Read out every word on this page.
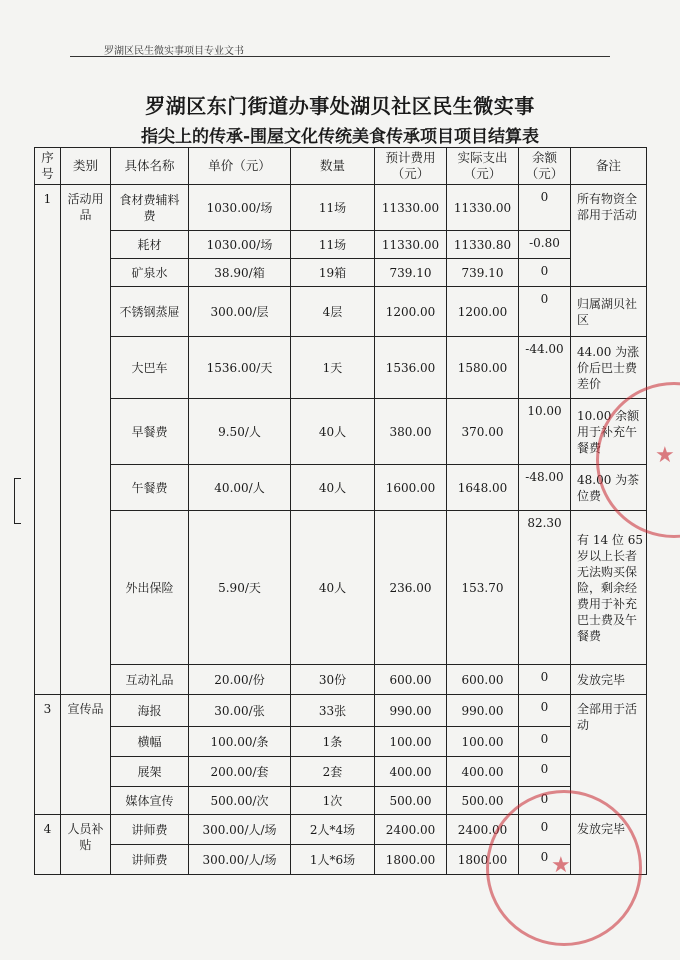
罗湖区民生微实事项目专业文书
罗湖区东门街道办事处湖贝社区民生微实事
指尖上的传承-围屋文化传统美食传承项目项目结算表
序号	类别	具体名称	单价（元）	数量	预计费用（元）	实际支出（元）	余额（元）	备注
1	活动用品	食材费辅料费	1030.00/场	11场	11330.00	11330.00	0	所有物资全部用于活动
		耗材	1030.00/场	11场	11330.00	11330.80	-0.80	
		矿泉水	38.90/箱	19箱	739.10	739.10	0	
		不锈钢蒸屉	300.00/层	4层	1200.00	1200.00	0	归属湖贝社区
		大巴车	1536.00/天	1天	1536.00	1580.00	-44.00	44.00 为涨价后巴士费差价
		早餐费	9.50/人	40人	380.00	370.00	10.00	10.00 余额用于补充午餐费
		午餐费	40.00/人	40人	1600.00	1648.00	-48.00	48.00 为茶位费
		外出保险	5.90/天	40人	236.00	153.70	82.30	有 14 位 65 岁以上长者无法购买保险，剩余经费用于补充巴士费及午餐费
		互动礼品	20.00/份	30份	600.00	600.00	0	发放完毕
3	宣传品	海报	30.00/张	33张	990.00	990.00	0	全部用于活动
		横幅	100.00/条	1条	100.00	100.00	0	
		展架	200.00/套	2套	400.00	400.00	0	
		媒体宣传	500.00/次	1次	500.00	500.00	0	
4	人员补贴	讲师费	300.00/人/场	2人*4场	2400.00	2400.00	0	发放完毕
		讲师费	300.00/人/场	1人*6场	1800.00	1800.00	0	
★
★
